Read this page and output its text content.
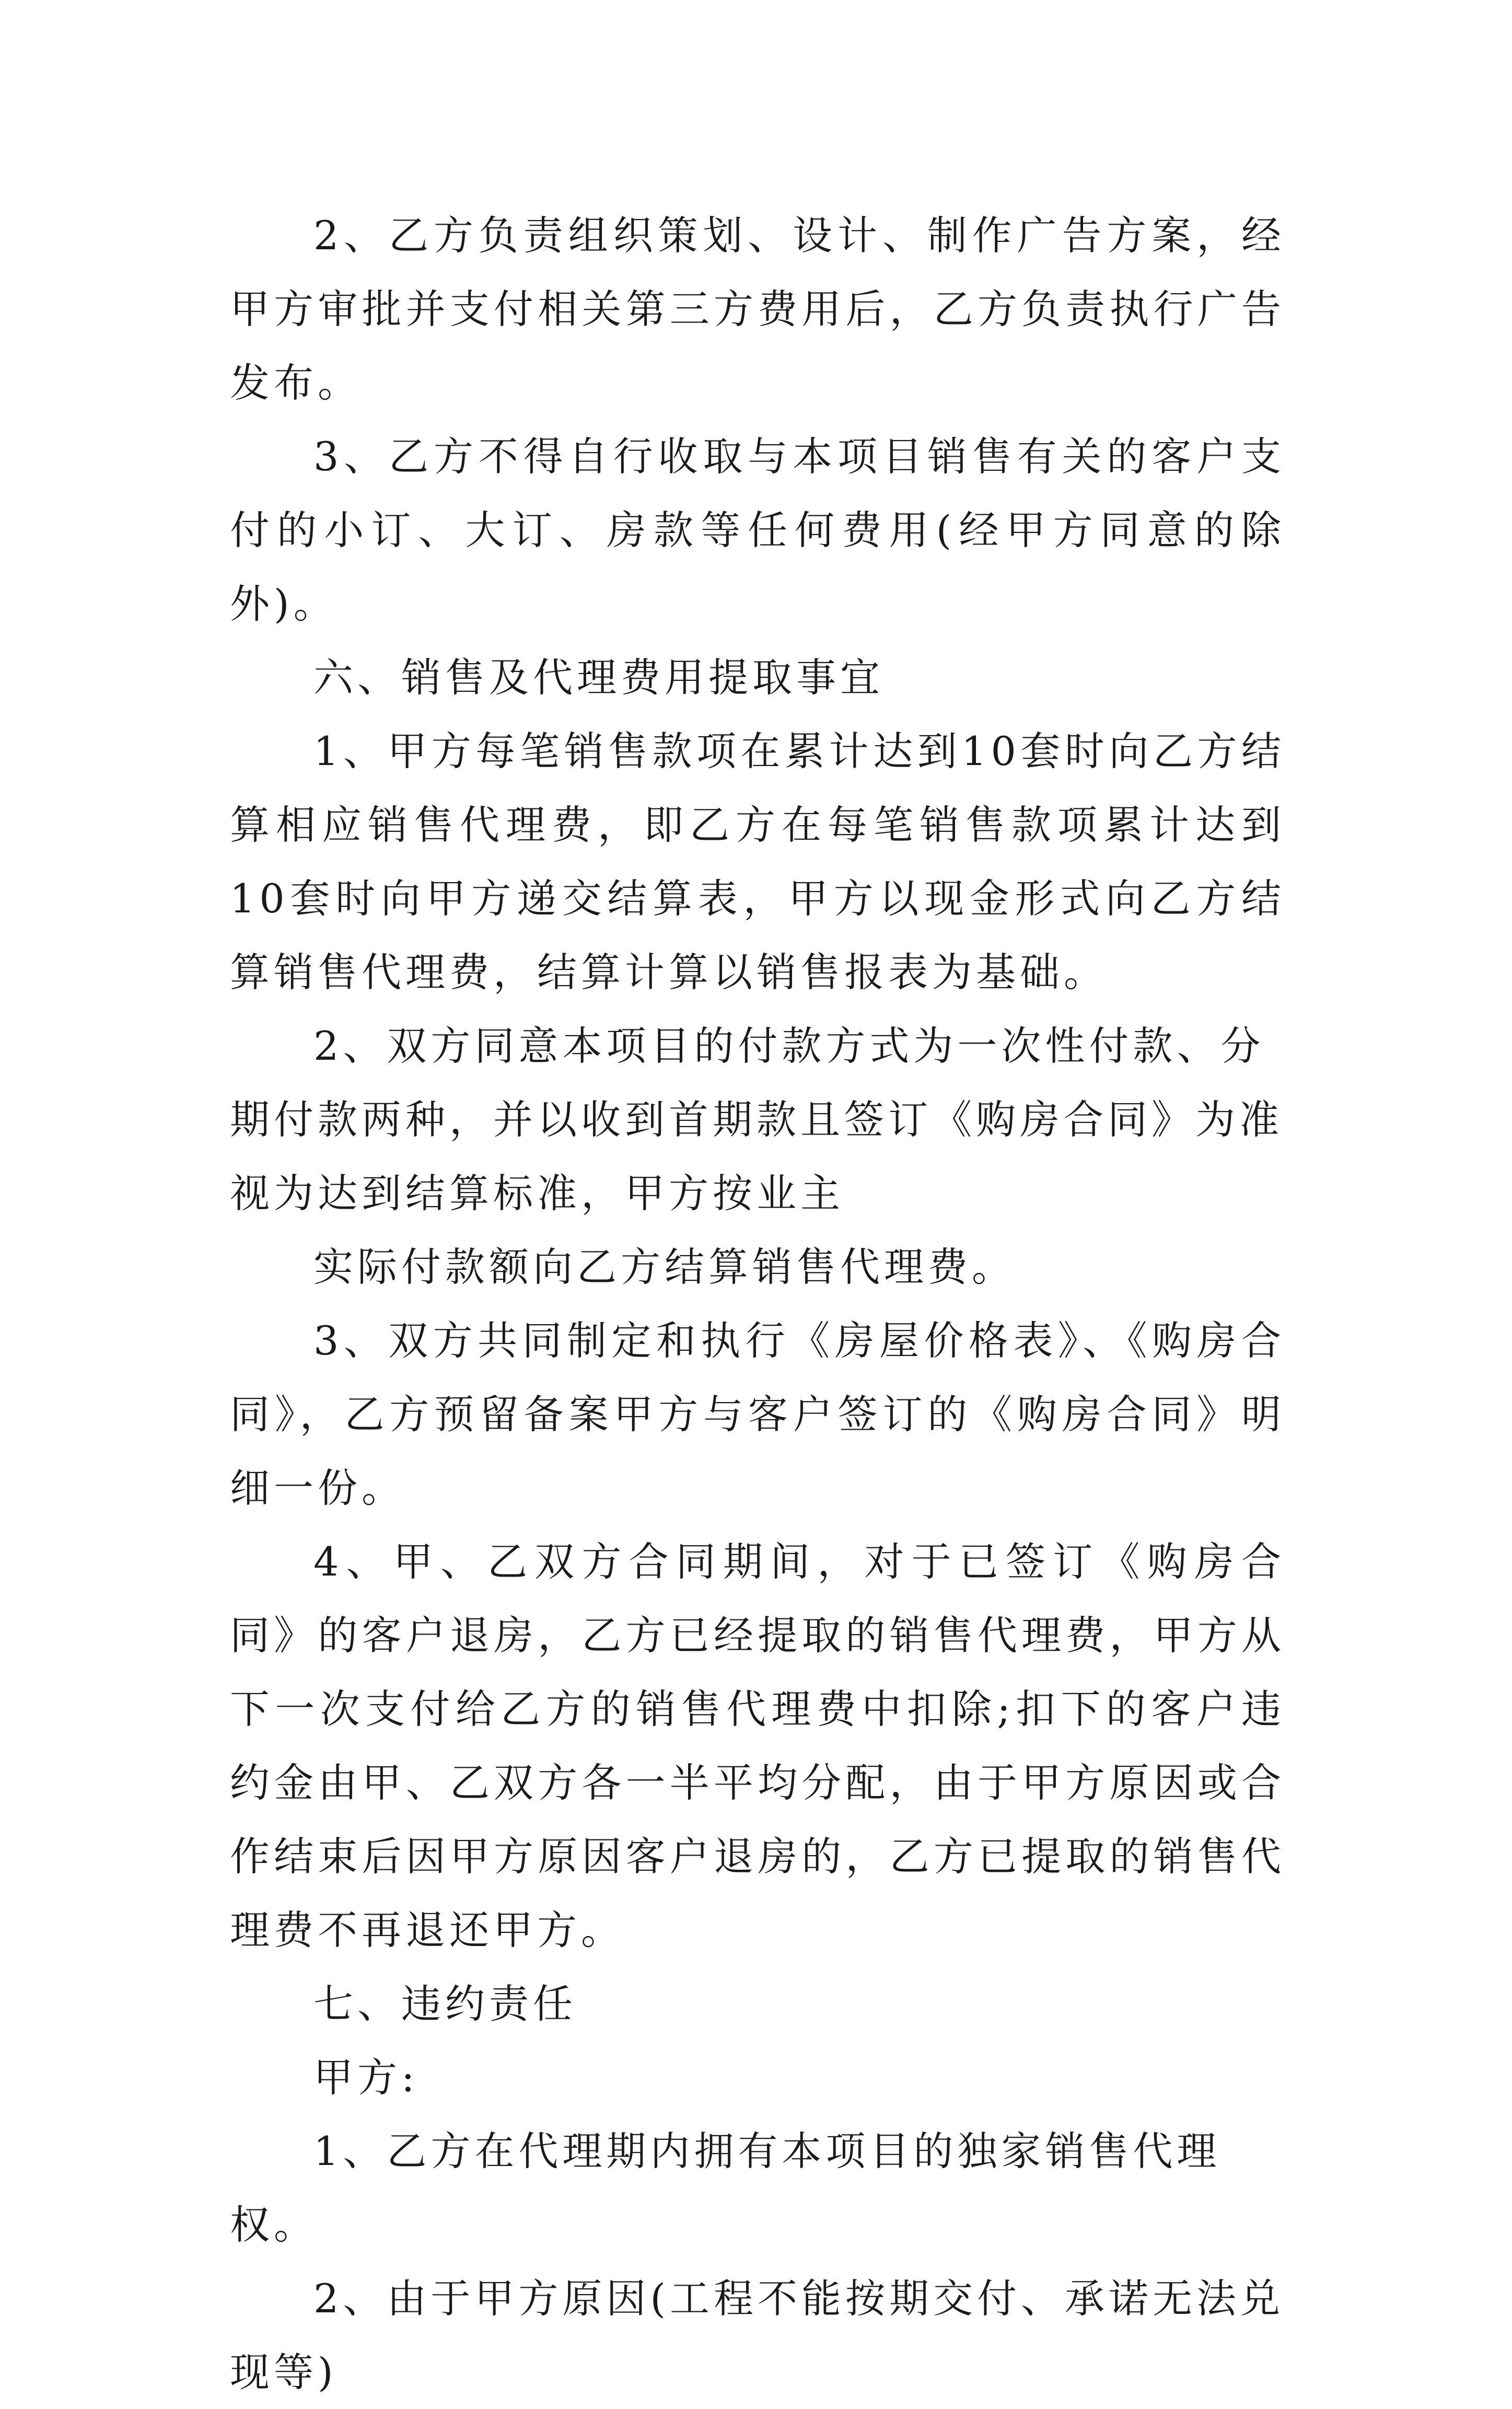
2、乙方负责组织策划、设计、制作广告方案，经甲方审批并支付相关第三方费用后，乙方负责执行广告发布。

3、乙方不得自行收取与本项目销售有关的客户支付的小订、大订、房款等任何费用(经甲方同意的除外)。

六、销售及代理费用提取事宜

1、甲方每笔销售款项在累计达到10套时向乙方结算相应销售代理费，即乙方在每笔销售款项累计达到10套时向甲方递交结算表，甲方以现金形式向乙方结算销售代理费，结算计算以销售报表为基础。

2、双方同意本项目的付款方式为一次性付款、分期付款两种，并以收到首期款且签订《购房合同》为准视为达到结算标准，甲方按业主

实际付款额向乙方结算销售代理费。

3、双方共同制定和执行《房屋价格表》、《购房合同》，乙方预留备案甲方与客户签订的《购房合同》明细一份。

4、甲、乙双方合同期间，对于已签订《购房合同》的客户退房，乙方已经提取的销售代理费，甲方从下一次支付给乙方的销售代理费中扣除;扣下的客户违约金由甲、乙双方各一半平均分配，由于甲方原因或合作结束后因甲方原因客户退房的，乙方已提取的销售代理费不再退还甲方。

七、违约责任

甲方:

1、乙方在代理期内拥有本项目的独家销售代理权。

2、由于甲方原因(工程不能按期交付、承诺无法兑现等)
